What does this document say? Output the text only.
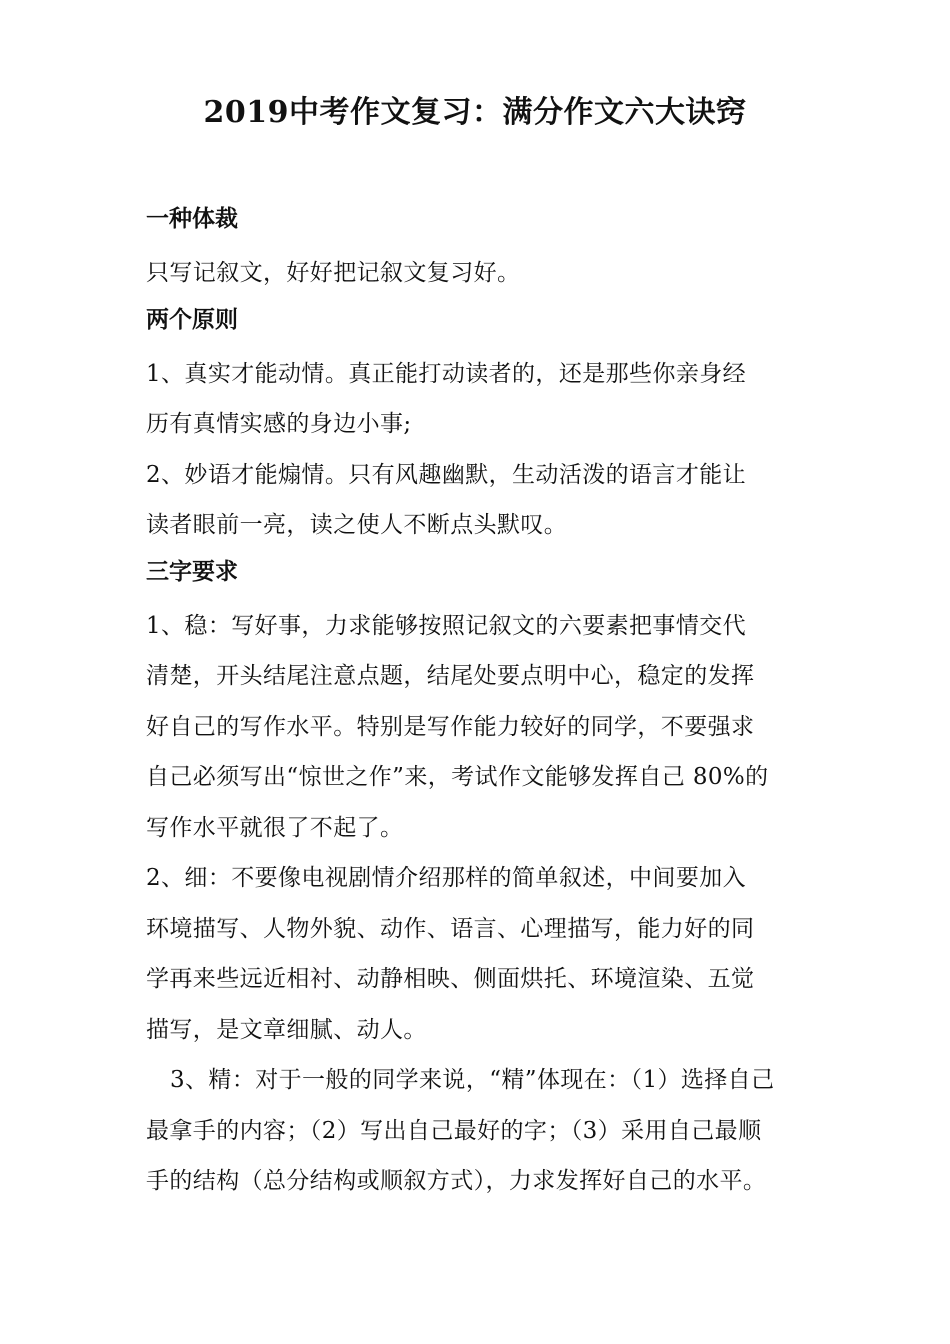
2019中考作文复习：满分作文六大诀窍
一种体裁

只写记叙文，好好把记叙文复习好。

两个原则

1、真实才能动情。真正能打动读者的，还是那些你亲身经
历有真情实感的身边小事;

2、妙语才能煽情。只有风趣幽默，生动活泼的语言才能让
读者眼前一亮，读之使人不断点头默叹。

三字要求

1、稳：写好事，力求能够按照记叙文的六要素把事情交代
清楚，开头结尾注意点题，结尾处要点明中心，稳定的发挥
好自己的写作水平。特别是写作能力较好的同学，不要强求
自己必须写出“惊世之作”来，考试作文能够发挥自己 80%的
写作水平就很了不起了。

2、细：不要像电视剧情介绍那样的简单叙述，中间要加入
环境描写、人物外貌、动作、语言、心理描写，能力好的同
学再来些远近相衬、动静相映、侧面烘托、环境渲染、五觉
描写，是文章细腻、动人。

3、精：对于一般的同学来说，“精”体现在：（1）选择自己
最拿手的内容；（2）写出自己最好的字；（3）采用自己最顺
手的结构（总分结构或顺叙方式），力求发挥好自己的水平。
